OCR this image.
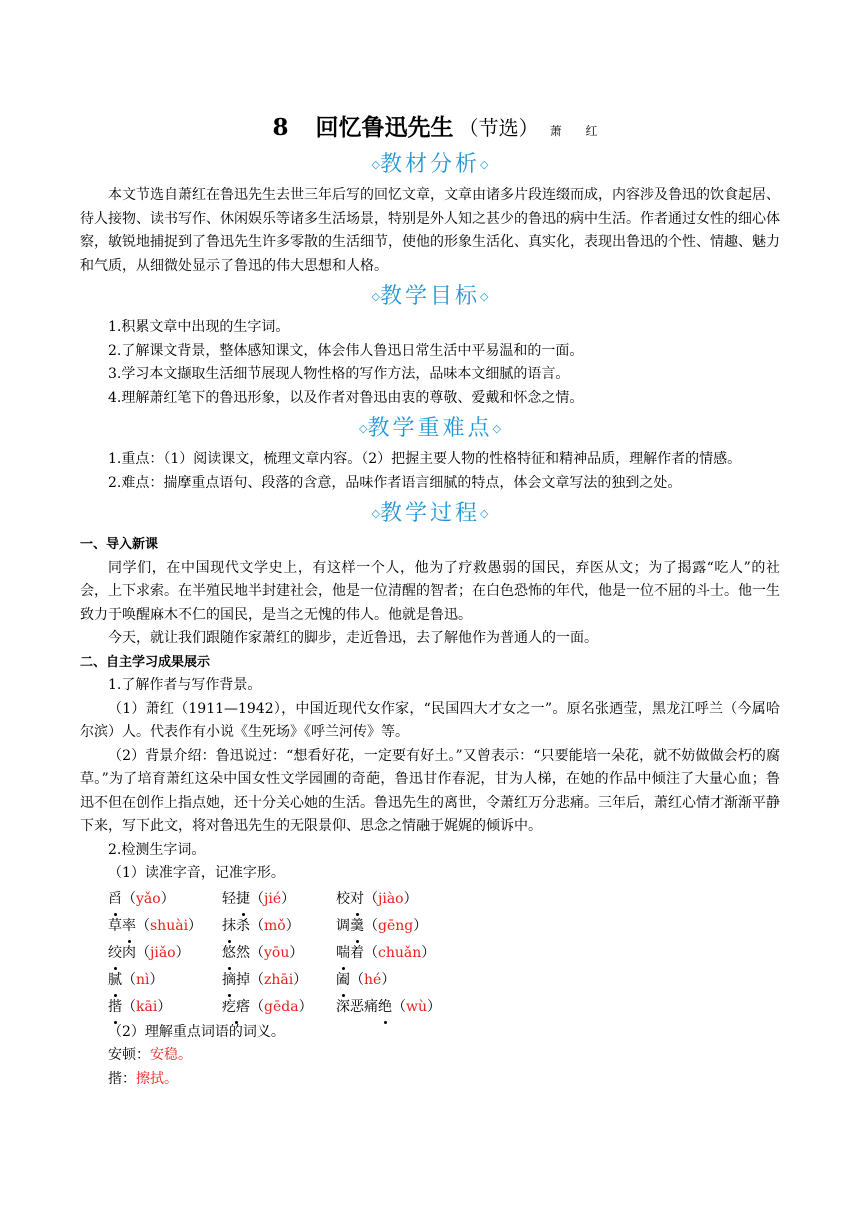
8 回忆鲁迅先生 （节选） 萧 红
◇教材分析◇

本文节选自萧红在鲁迅先生去世三年后写的回忆文章，文章由诸多片段连缀而成，内容涉及鲁迅的饮食起居、待人接物、读书写作、休闲娱乐等诸多生活场景，特别是外人知之甚少的鲁迅的病中生活。作者通过女性的细心体察，敏锐地捕捉到了鲁迅先生许多零散的生活细节，使他的形象生活化、真实化，表现出鲁迅的个性、情趣、魅力和气质，从细微处显示了鲁迅的伟大思想和人格。

◇教学目标◇

1.积累文章中出现的生字词。

2.了解课文背景，整体感知课文，体会伟人鲁迅日常生活中平易温和的一面。

3.学习本文撷取生活细节展现人物性格的写作方法，品味本文细腻的语言。

4.理解萧红笔下的鲁迅形象，以及作者对鲁迅由衷的尊敬、爱戴和怀念之情。

◇教学重难点◇

1.重点：（1）阅读课文，梳理文章内容。（2）把握主要人物的性格特征和精神品质，理解作者的情感。

2.难点：揣摩重点语句、段落的含意，品味作者语言细腻的特点，体会文章写法的独到之处。

◇教学过程◇

一、导入新课

同学们，在中国现代文学史上，有这样一个人，他为了疗救愚弱的国民，弃医从文；为了揭露“吃人”的社会，上下求索。在半殖民地半封建社会，他是一位清醒的智者；在白色恐怖的年代，他是一位不屈的斗士。他一生致力于唤醒麻木不仁的国民，是当之无愧的伟人。他就是鲁迅。

今天，就让我们跟随作家萧红的脚步，走近鲁迅，去了解他作为普通人的一面。

二、自主学习成果展示

1.了解作者与写作背景。

（1）萧红（1911—1942），中国近现代女作家，“民国四大才女之一”。原名张迺莹，黑龙江呼兰（今属哈尔滨）人。代表作有小说《生死场》《呼兰河传》等。

（2）背景介绍：鲁迅说过：“想看好花，一定要有好土。”又曾表示：“只要能培一朵花，就不妨做做会朽的腐草。”为了培育萧红这朵中国女性文学园圃的奇葩，鲁迅甘作春泥，甘为人梯，在她的作品中倾注了大量心血；鲁迅不但在创作上指点她，还十分关心她的生活。鲁迅先生的离世，令萧红万分悲痛。三年后，萧红心情才渐渐平静下来，写下此文，将对鲁迅先生的无限景仰、思念之情融于娓娓的倾诉中。

2.检测生字词。

（1）读准字音，记准字形。

舀（yǎo）	轻捷（jié）	校对（jiào）
草率（shuài） 抹杀（mǒ）	调羹（gēng）
绞肉（jiǎo） 悠然（yōu） 喘着（chuǎn）
腻（nì）	摘掉（zhāi） 阖（hé）
揩（kāi）	疙瘩（gēda） 深恶痛绝（wù）

（2）理解重点词语的词义。

安顿：安稳。

揩：擦拭。
